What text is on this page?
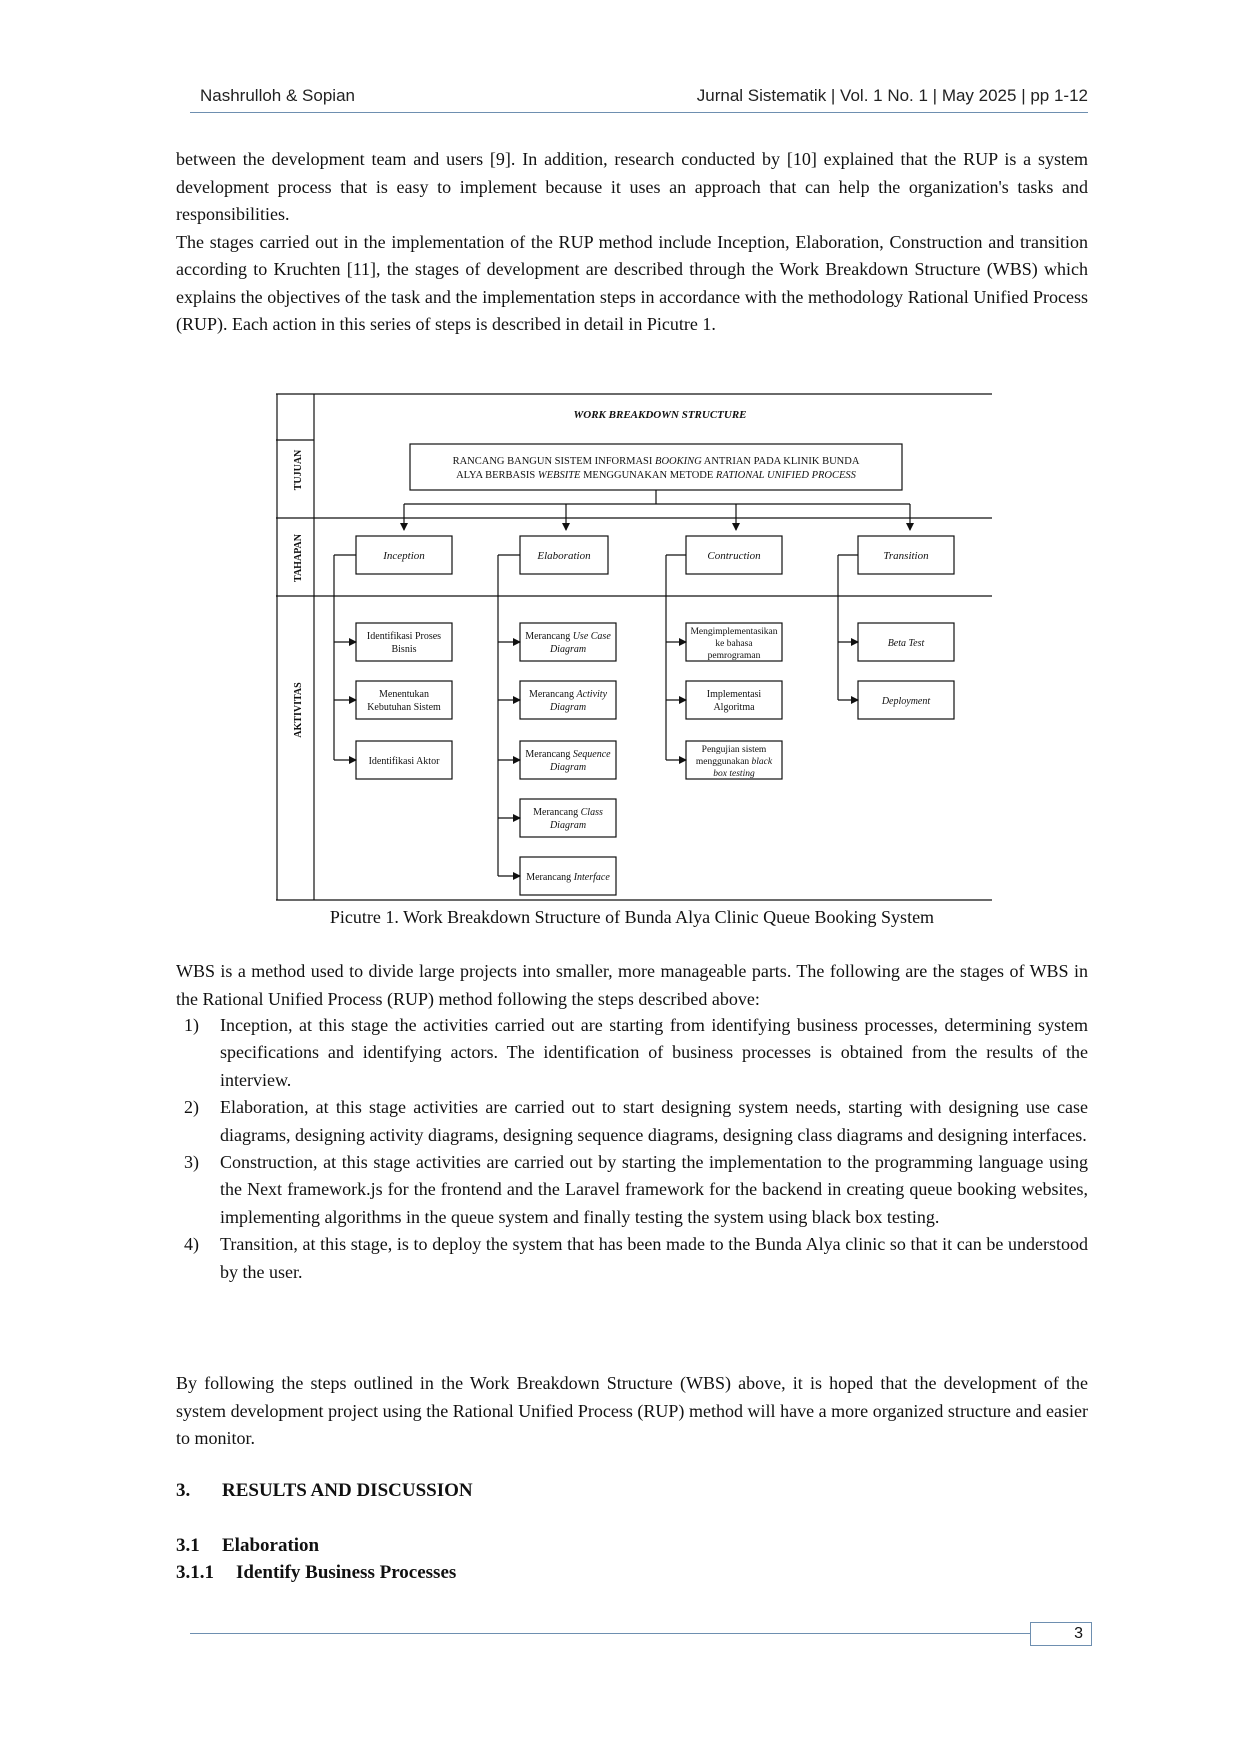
Nashrulloh & Sopian	Jurnal Sistematik | Vol. 1 No. 1 | May 2025 | pp 1-12

between the development team and users [9]. In addition, research conducted by [10] explained that the RUP is a system development process that is easy to implement because it uses an approach that can help the organization's tasks and responsibilities.

The stages carried out in the implementation of the RUP method include Inception, Elaboration, Construction and transition according to Kruchten [11], the stages of development are described through the Work Breakdown Structure (WBS) which explains the objectives of the task and the implementation steps in accordance with the methodology Rational Unified Process (RUP). Each action in this series of steps is described in detail in Picutre 1.

WORK BREAKDOWN STRUCTURE
TUJUAN
TAHAPAN
AKTIVITAS
RANCANG BANGUN SISTEM INFORMASI BOOKING ANTRIAN PADA KLINIK BUNDA
ALYA BERBASIS WEBSITE MENGGUNAKAN METODE RATIONAL UNIFIED PROCESS
Inception	Elaboration	Contruction	Transition
Identifikasi Proses
Bisnis
Menentukan
Kebutuhan Sistem
Identifikasi Aktor
Merancang Use Case
Diagram
Merancang Activity
Diagram
Merancang Sequence
Diagram
Merancang Class
Diagram
Merancang Interface
Mengimplementasikan
ke bahasa
pemrograman
Implementasi
Algoritma
Pengujian sistem
menggunakan black
box testing
Beta Test
Deployment
Picutre 1. Work Breakdown Structure of Bunda Alya Clinic Queue Booking System

WBS is a method used to divide large projects into smaller, more manageable parts. The following are the stages of WBS in the Rational Unified Process (RUP) method following the steps described above:

1)	Inception, at this stage the activities carried out are starting from identifying business processes, determining system specifications and identifying actors. The identification of business processes is obtained from the results of the interview.
2)	Elaboration, at this stage activities are carried out to start designing system needs, starting with designing use case diagrams, designing activity diagrams, designing sequence diagrams, designing class diagrams and designing interfaces.
3)	Construction, at this stage activities are carried out by starting the implementation to the programming language using the Next framework.js for the frontend and the Laravel framework for the backend in creating queue booking websites, implementing algorithms in the queue system and finally testing the system using black box testing.
4)	Transition, at this stage, is to deploy the system that has been made to the Bunda Alya clinic so that it can be understood by the user.

By following the steps outlined in the Work Breakdown Structure (WBS) above, it is hoped that the development of the system development project using the Rational Unified Process (RUP) method will have a more organized structure and easier to monitor.

3. RESULTS AND DISCUSSION
3.1 Elaboration
3.1.1 Identify Business Processes
3
